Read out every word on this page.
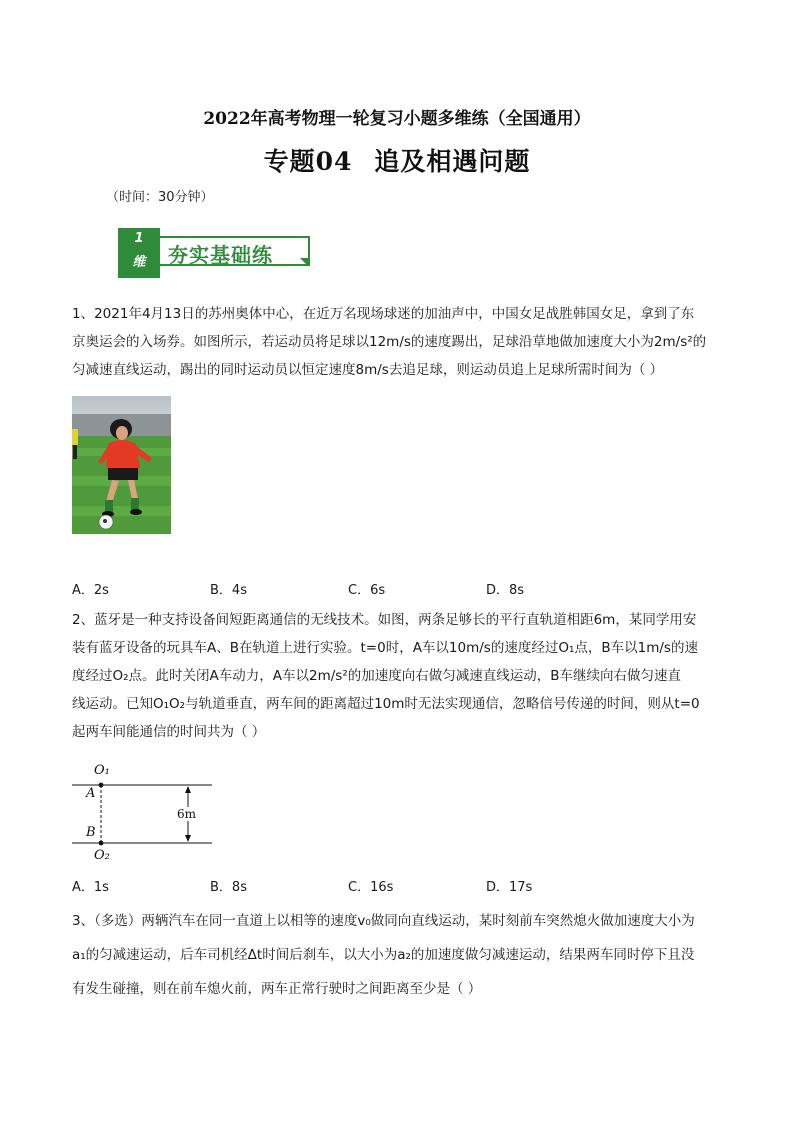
2022年高考物理一轮复习小题多维练（全国通用）
专题04 追及相遇问题
（时间：30分钟）
1
维	夯实基础练
1、2021年4月13日的苏州奥体中心，在近万名现场球迷的加油声中，中国女足战胜韩国女足，拿到了东
京奥运会的入场券。如图所示，若运动员将足球以12m/s的速度踢出，足球沿草地做加速度大小为2m/s²的
匀减速直线运动，踢出的同时运动员以恒定速度8m/s去追足球，则运动员追上足球所需时间为（ ）
A．2s	B．4s	C．6s	D．8s
2、蓝牙是一种支持设备间短距离通信的无线技术。如图，两条足够长的平行直轨道相距6m，某同学用安
装有蓝牙设备的玩具车A、B在轨道上进行实验。t=0时，A车以10m/s的速度经过O₁点，B车以1m/s的速
度经过O₂点。此时关闭A车动力，A车以2m/s²的加速度向右做匀减速直线运动，B车继续向右做匀速直
线运动。已知O₁O₂与轨道垂直，两车间的距离超过10m时无法实现通信，忽略信号传递的时间，则从t=0
起两车间能通信的时间共为（ ）
O₁
A
B
O₂
6m
A．1s	B．8s	C．16s	D．17s
3、（多选）两辆汽车在同一直道上以相等的速度v₀做同向直线运动，某时刻前车突然熄火做加速度大小为
a₁的匀减速运动，后车司机经Δt时间后刹车，以大小为a₂的加速度做匀减速运动，结果两车同时停下且没
有发生碰撞，则在前车熄火前，两车正常行驶时之间距离至少是（ ）
